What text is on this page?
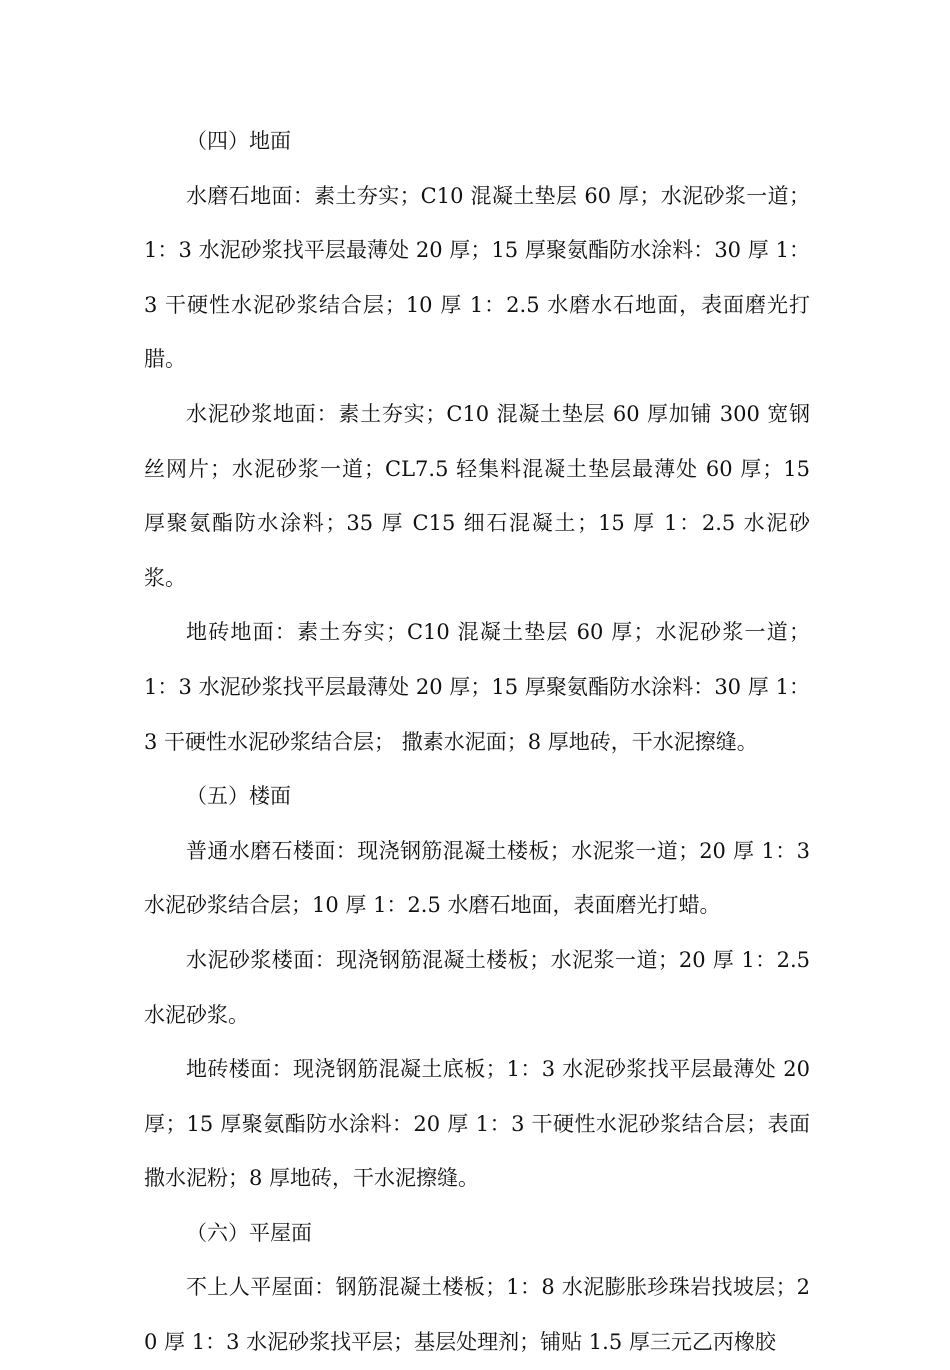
（四）地面

水磨石地面：素土夯实；C10 混凝土垫层 60 厚；水泥砂浆一道；1：3 水泥砂浆找平层最薄处 20 厚；15 厚聚氨酯防水涂料：30 厚 1：3 干硬性水泥砂浆结合层；10 厚 1：2.5 水磨水石地面，表面磨光打腊。

水泥砂浆地面：素土夯实；C10 混凝土垫层 60 厚加铺 300 宽钢丝网片；水泥砂浆一道；CL7.5 轻集料混凝土垫层最薄处 60 厚；15 厚聚氨酯防水涂料；35 厚 C15 细石混凝土；15 厚 1：2.5 水泥砂浆。

地砖地面：素土夯实；C10 混凝土垫层 60 厚；水泥砂浆一道； 1：3 水泥砂浆找平层最薄处 20 厚；15 厚聚氨酯防水涂料：30 厚 1：3 干硬性水泥砂浆结合层； 撒素水泥面；8 厚地砖，干水泥擦缝。

（五）楼面

普通水磨石楼面：现浇钢筋混凝土楼板；水泥浆一道；20 厚 1：3 水泥砂浆结合层；10 厚 1：2.5 水磨石地面，表面磨光打蜡。

水泥砂浆楼面：现浇钢筋混凝土楼板；水泥浆一道；20 厚 1：2.5 水泥砂浆。

地砖楼面：现浇钢筋混凝土底板；1：3 水泥砂浆找平层最薄处 20 厚；15 厚聚氨酯防水涂料：20 厚 1：3 干硬性水泥砂浆结合层；表面撒水泥粉；8 厚地砖，干水泥擦缝。

（六）平屋面

不上人平屋面：钢筋混凝土楼板；1：8 水泥膨胀珍珠岩找坡层；20 厚 1：3 水泥砂浆找平层；基层处理剂；铺贴 1.5 厚三元乙丙橡胶
